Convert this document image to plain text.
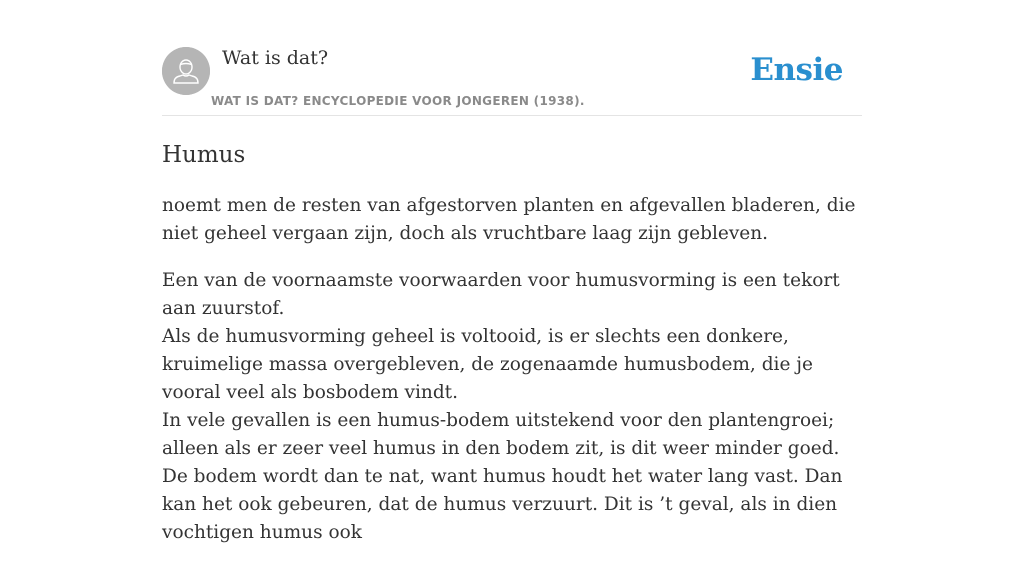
Wat is dat?
WAT IS DAT? ENCYCLOPEDIE VOOR JONGEREN (1938).
Ensie
Humus

noemt men de resten van afgestorven planten en afgevallen bladeren, die niet geheel vergaan zijn, doch als vruchtbare laag zijn gebleven.

Een van de voornaamste voorwaarden voor humusvorming is een tekort aan zuurstof.
Als de humusvorming geheel is voltooid, is er slechts een donkere, kruimelige massa overgebleven, de zogenaamde humusbodem, die je vooral veel als bosbodem vindt.
In vele gevallen is een humus-bodem uitstekend voor den plantengroei; alleen als er zeer veel humus in den bodem zit, is dit weer minder goed. De bodem wordt dan te nat, want humus houdt het water lang vast. Dan kan het ook gebeuren, dat de humus verzuurt. Dit is ’t geval, als in dien vochtigen humus ook
